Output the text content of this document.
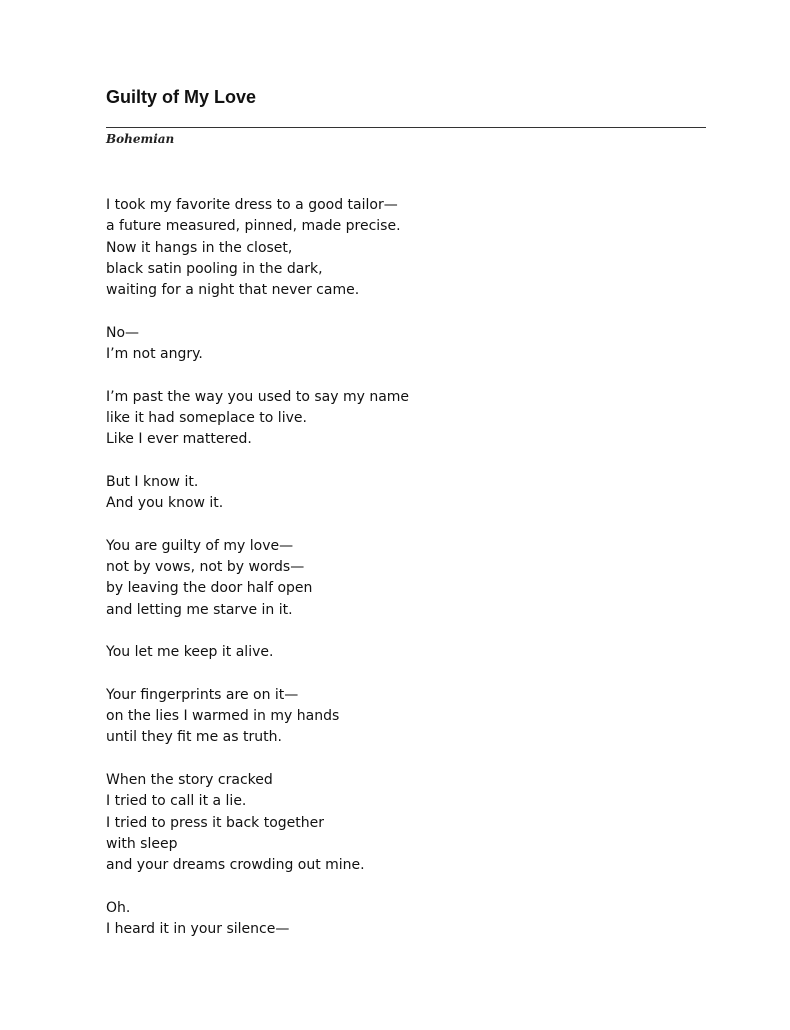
Guilty of My Love
Bohemian
I took my favorite dress to a good tailor—
a future measured, pinned, made precise.
Now it hangs in the closet,
black satin pooling in the dark,
waiting for a night that never came.
No—
I’m not angry.
I’m past the way you used to say my name
like it had someplace to live.
Like I ever mattered.
But I know it.
And you know it.
You are guilty of my love—
not by vows, not by words—
by leaving the door half open
and letting me starve in it.
You let me keep it alive.
Your fingerprints are on it—
on the lies I warmed in my hands
until they fit me as truth.
When the story cracked
I tried to call it a lie.
I tried to press it back together
with sleep
and your dreams crowding out mine.
Oh.
I heard it in your silence—
